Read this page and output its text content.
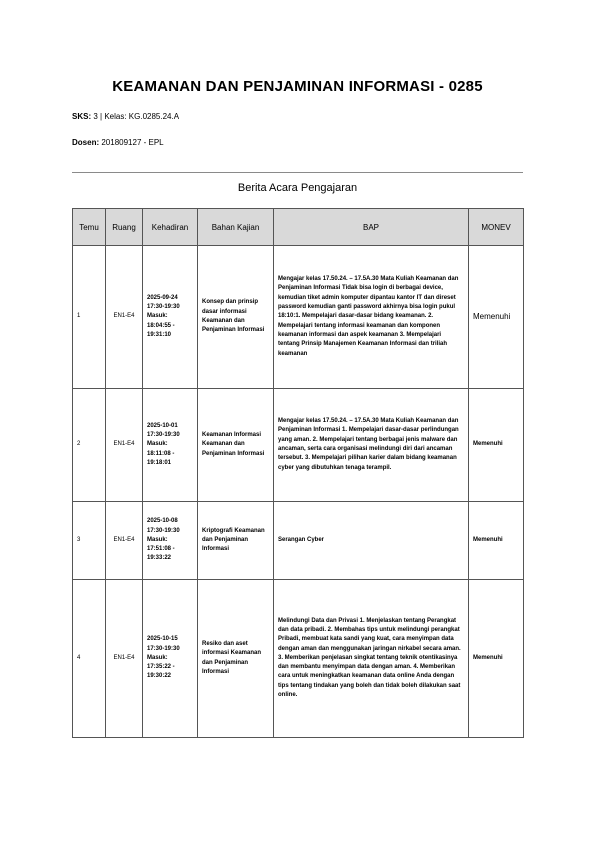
KEAMANAN DAN PENJAMINAN INFORMASI - 0285
SKS: 3 | Kelas: KG.0285.24.A
Dosen: 201809127 - EPL
Berita Acara Pengajaran
Temu	Ruang	Kehadiran	Bahan Kajian	BAP	MONEV
1	EN1-E4	2025-09-24 17:30-19:30 Masuk: 18:04:55 - 19:31:10	Konsep dan prinsip dasar informasi Keamanan dan Penjaminan Informasi	Mengajar kelas 17.50.24. – 17.5A.30 Mata Kuliah Keamanan dan Penjaminan Informasi Tidak bisa login di berbagai device, kemudian tiket admin komputer dipantau kantor IT dan direset password kemudian ganti password akhirnya bisa login pukul 18:10:1. Mempelajari dasar-dasar bidang keamanan. 2. Mempelajari tentang informasi keamanan dan komponen keamanan informasi dan aspek keamanan 3. Mempelajari tentang Prinsip Manajemen Keamanan Informasi dan triliah keamanan	Memenuhi
2	EN1-E4	2025-10-01 17:30-19:30 Masuk: 18:11:08 - 19:18:01	Keamanan Informasi Keamanan dan Penjaminan Informasi	Mengajar kelas 17.50.24. – 17.5A.30 Mata Kuliah Keamanan dan Penjaminan Informasi 1. Mempelajari dasar-dasar perlindungan yang aman. 2. Mempelajari tentang berbagai jenis malware dan ancaman, serta cara organisasi melindungi diri dari ancaman tersebut. 3. Mempelajari pilihan karier dalam bidang keamanan cyber yang dibutuhkan tenaga terampil.	Memenuhi
3	EN1-E4	2025-10-08 17:30-19:30 Masuk: 17:51:08 - 19:33:22	Kriptografi Keamanan dan Penjaminan Informasi	Serangan Cyber	Memenuhi
4	EN1-E4	2025-10-15 17:30-19:30 Masuk: 17:35:22 - 19:30:22	Resiko dan aset informasi Keamanan dan Penjaminan Informasi	Melindungi Data dan Privasi 1. Menjelaskan tentang Perangkat dan data pribadi. 2. Membahas tips untuk melindungi perangkat Pribadi, membuat kata sandi yang kuat, cara menyimpan data dengan aman dan menggunakan jaringan nirkabel secara aman. 3. Memberikan penjelasan singkat tentang teknik otentikasinya dan membantu menyimpan data dengan aman. 4. Memberikan cara untuk meningkatkan keamanan data online Anda dengan tips tentang tindakan yang boleh dan tidak boleh dilakukan saat online.	Memenuhi
